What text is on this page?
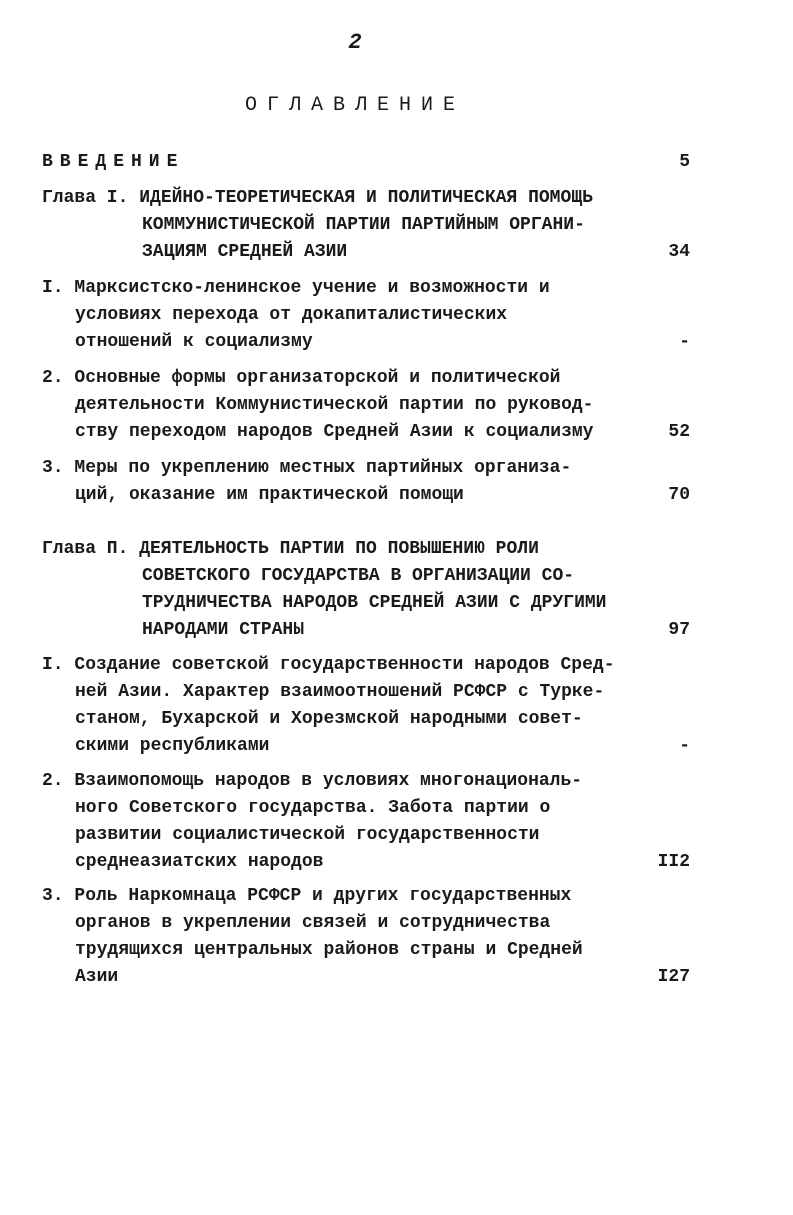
2
ОГЛАВЛЕНИЕ
ВВЕДЕНИЕ	5
Глава I. ИДЕЙНО-ТЕОРЕТИЧЕСКАЯ И ПОЛИТИЧЕСКАЯ ПОМОЩЬ
КОММУНИСТИЧЕСКОЙ ПАРТИИ ПАРТИЙНЫМ ОРГАНИ-
ЗАЦИЯМ СРЕДНЕЙ АЗИИ	34
I. Марксистско-ленинское учение и возможности и
условиях перехода от докапиталистических
отношений к социализму	-
2. Основные формы организаторской и политической
деятельности Коммунистической партии по руковод-
ству переходом народов Средней Азии к социализму	52
3. Меры по укреплению местных партийных организа-
ций, оказание им практической помощи	70
Глава П. ДЕЯТЕЛЬНОСТЬ ПАРТИИ ПО ПОВЫШЕНИЮ РОЛИ
СОВЕТСКОГО ГОСУДАРСТВА В ОРГАНИЗАЦИИ СО-
ТРУДНИЧЕСТВА НАРОДОВ СРЕДНЕЙ АЗИИ С ДРУГИМИ
НАРОДАМИ СТРАНЫ	97
I. Создание советской государственности народов Сред-
ней Азии. Характер взаимоотношений РСФСР с Турке-
станом, Бухарской и Хорезмской народными совет-
скими республиками	-
2. Взаимопомощь народов в условиях многонациональ-
ного Советского государства. Забота партии о
развитии социалистической государственности
среднеазиатских народов	II2
3. Роль Наркомнаца РСФСР и других государственных
органов в укреплении связей и сотрудничества
трудящихся центральных районов страны и Средней
Азии	I27
